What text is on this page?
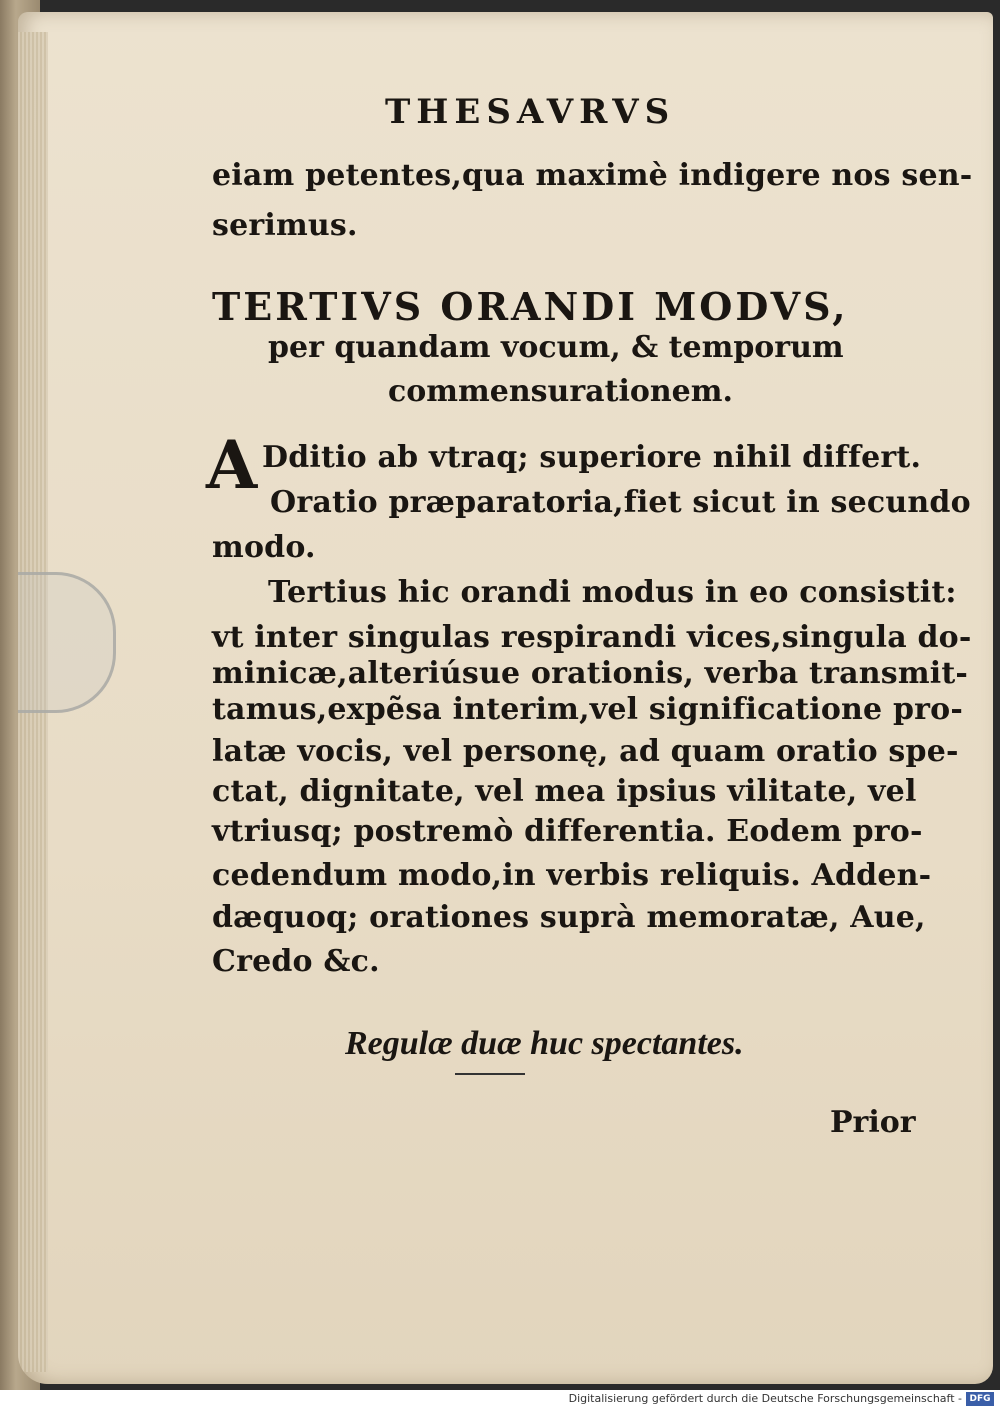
THESAVRVS
eiam petentes,qua maximè indigere nos sen-
serimus.
TERTIVS ORANDI MODVS,
per quandam vocum, & temporum
commensurationem.
A Dditio ab vtraq; superiore nihil differt.
Oratio præparatoria,fiet sicut in secundo
modo.
Tertius hic orandi modus in eo consistit:
vt inter singulas respirandi vices,singula do-
minicæ,alteriúsue orationis, verba transmit-
tamus,expẽsa interim,vel significatione pro-
latæ vocis, vel personę, ad quam oratio spe-
ctat, dignitate, vel mea ipsius vilitate, vel
vtriusq; postremò differentia. Eodem pro-
cedendum modo,in verbis reliquis. Adden-
dæquoq; orationes suprà memoratæ, Aue,
Credo &c.
Regulæ duæ huc spectantes.
Prior
Digitalisierung gefördert durch die Deutsche Forschungsgemeinschaft - DFG
